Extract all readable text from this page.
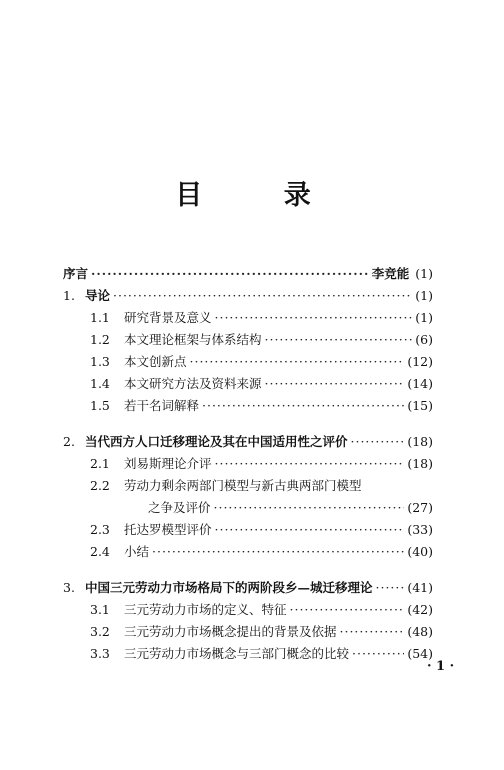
目 录
序言 ·····	李竞能 (1)
1. 导论 ·····	(1)
1.1	研究背景及意义 ·····	(1)
1.2	本文理论框架与体系结构 ·····	(6)
1.3	本文创新点 ·····	(12)
1.4	本文研究方法及资料来源 ·····	(14)
1.5	若干名词解释 ·····	(15)
2. 当代西方人口迁移理论及其在中国适用性之评价 ·····	(18)
2.1	刘易斯理论介评 ·····	(18)
2.2	劳动力剩余两部门模型与新古典两部门模型
之争及评价 ·····	(27)
2.3	托达罗模型评价 ·····	(33)
2.4	小结 ·····	(40)
3. 中国三元劳动力市场格局下的两阶段乡—城迁移理论 ·····	(41)
3.1	三元劳动力市场的定义、特征 ·····	(42)
3.2	三元劳动力市场概念提出的背景及依据 ·····	(48)
3.3	三元劳动力市场概念与三部门概念的比较 ·····	(54)
· 1 ·
